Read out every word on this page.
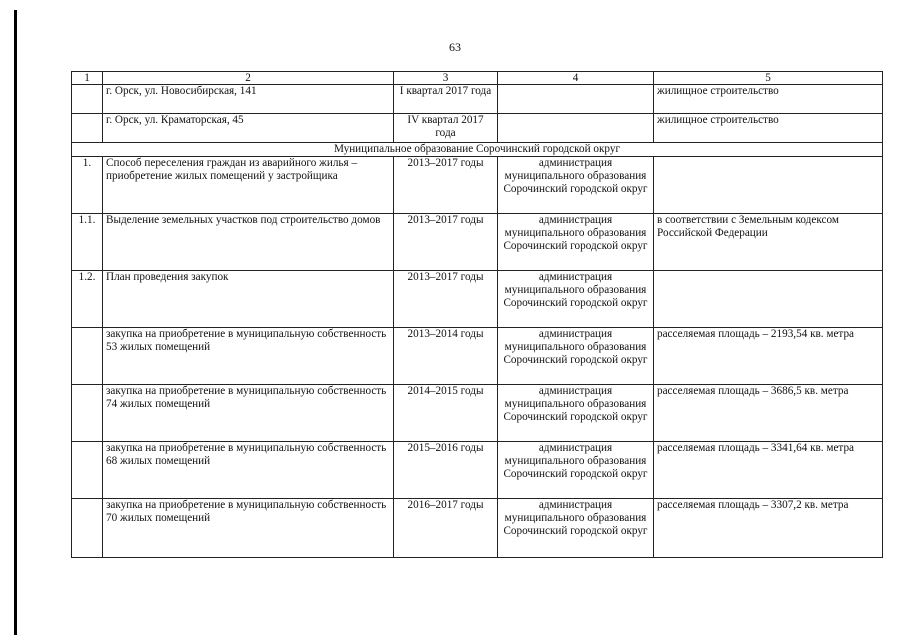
63
1	2	3	4	5
	г. Орск, ул. Новосибирская, 141	I квартал 2017 года		жилищное строительство
	г. Орск, ул. Краматорская, 45	IV квартал 2017 года		жилищное строительство
Муниципальное образование Сорочинский городской округ				
1.	Способ переселения граждан из аварийного жилья – приобретение жилых помещений у застройщика	2013–2017 годы	администрация муниципального образования Сорочинский городской округ	
1.1.	Выделение земельных участков под строительство домов	2013–2017 годы	администрация муниципального образования Сорочинский городской округ	в соответствии с Земельным кодексом Российской Федерации
1.2.	План проведения закупок	2013–2017 годы	администрация муниципального образования Сорочинский городской округ	
	закупка на приобретение в муниципальную собственность 53 жилых помещений	2013–2014 годы	администрация муниципального образования Сорочинский городской округ	расселяемая площадь – 2193,54 кв. метра
	закупка на приобретение в муниципальную собственность 74 жилых помещений	2014–2015 годы	администрация муниципального образования Сорочинский городской округ	расселяемая площадь – 3686,5 кв. метра
	закупка на приобретение в муниципальную собственность 68 жилых помещений	2015–2016 годы	администрация муниципального образования Сорочинский городской округ	расселяемая площадь – 3341,64 кв. метра
	закупка на приобретение в муниципальную собственность 70 жилых помещений	2016–2017 годы	администрация муниципального образования Сорочинский городской округ	расселяемая площадь – 3307,2 кв. метра
